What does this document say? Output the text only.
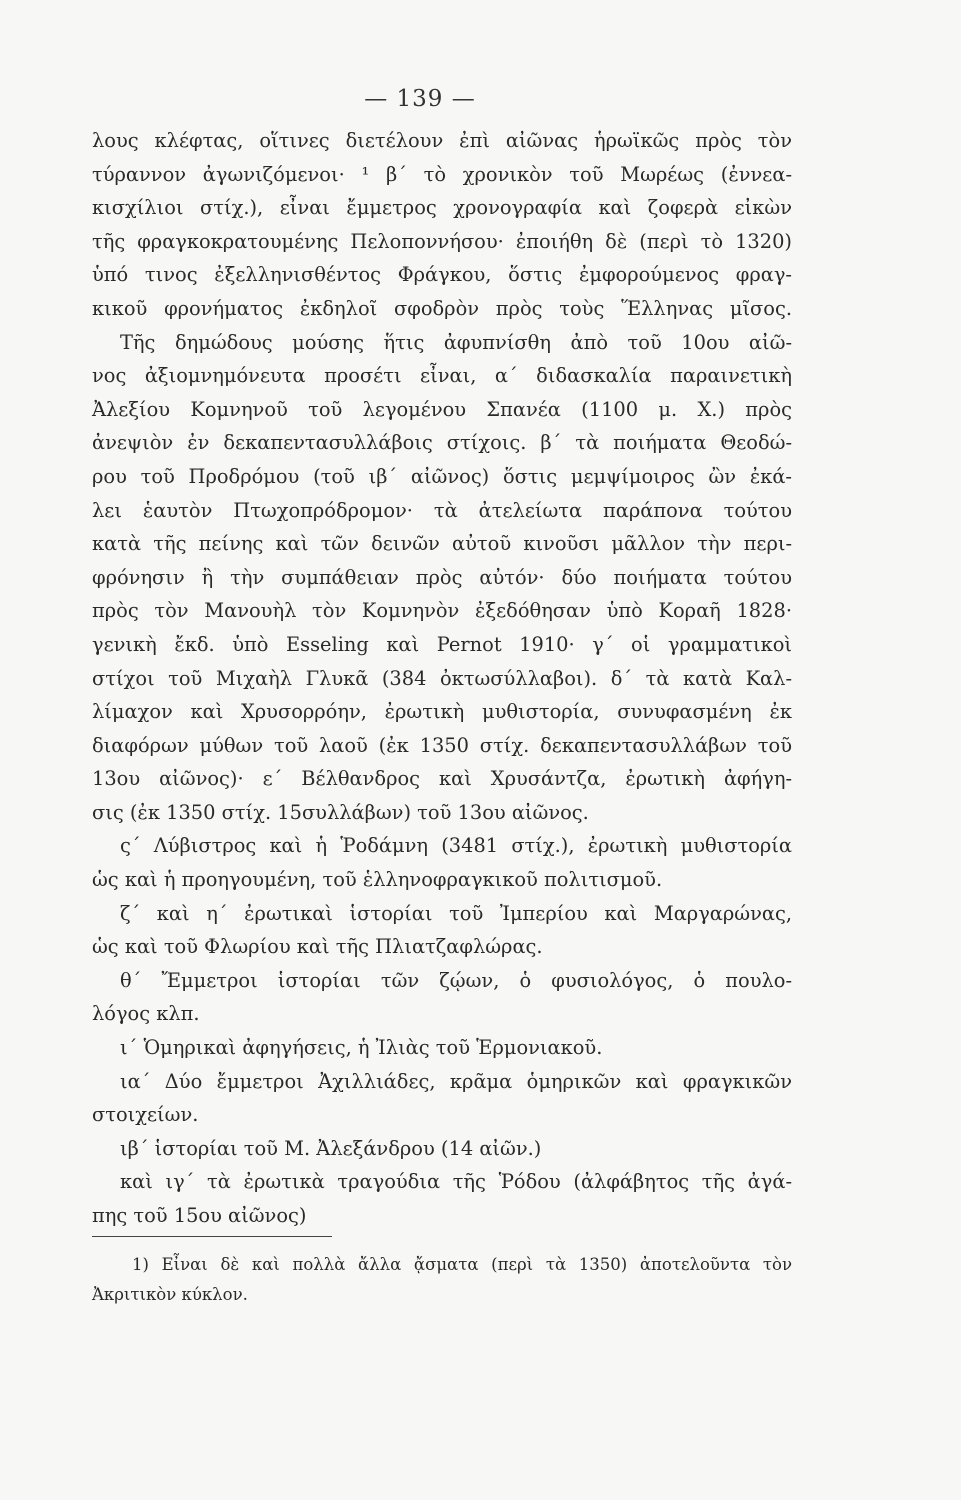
— 139 —
λους κλέφτας, οἵτινες διετέλουν ἐπὶ αἰῶνας ἡρωϊκῶς πρὸς τὸν
τύραννον ἀγωνιζόμενοι· ¹ β΄ τὸ χρονικὸν τοῦ Μωρέως (ἐννεα-
κισχίλιοι στίχ.), εἶναι ἔμμετρος χρονογραφία καὶ ζοφερὰ εἰκὼν
τῆς φραγκοκρατουμένης Πελοποννήσου· ἐποιήθη δὲ (περὶ τὸ 1320)
ὑπό τινος ἐξελληνισθέντος Φράγκου, ὅστις ἐμφορούμενος φραγ-
κικοῦ φρονήματος ἐκδηλοῖ σφοδρὸν πρὸς τοὺς Ἕλληνας μῖσος.
Τῆς δημώδους μούσης ἥτις ἀφυπνίσθη ἀπὸ τοῦ 10ου αἰῶ-
νος ἀξιομνημόνευτα προσέτι εἶναι, α΄ διδασκαλία παραινετικὴ
Ἀλεξίου Κομνηνοῦ τοῦ λεγομένου Σπανέα (1100 μ. Χ.) πρὸς
ἀνεψιὸν ἐν δεκαπεντασυλλάβοις στίχοις. β΄ τὰ ποιήματα Θεοδώ-
ρου τοῦ Προδρόμου (τοῦ ιβ΄ αἰῶνος) ὅστις μεμψίμοιρος ὢν ἐκά-
λει ἑαυτὸν Πτωχοπρόδρομον· τὰ ἀτελείωτα παράπονα τούτου
κατὰ τῆς πείνης καὶ τῶν δεινῶν αὐτοῦ κινοῦσι μᾶλλον τὴν περι-
φρόνησιν ἢ τὴν συμπάθειαν πρὸς αὐτόν· δύο ποιήματα τούτου
πρὸς τὸν Μανουὴλ τὸν Κομνηνὸν ἐξεδόθησαν ὑπὸ Κοραῆ 1828·
γενικὴ ἔκδ. ὑπὸ Esseling καὶ Pernot 1910· γ΄ οἱ γραμματικοὶ
στίχοι τοῦ Μιχαὴλ Γλυκᾶ (384 ὀκτωσύλλαβοι). δ΄ τὰ κατὰ Καλ-
λίμαχον καὶ Χρυσορρόην, ἐρωτικὴ μυθιστορία, συνυφασμένη ἐκ
διαφόρων μύθων τοῦ λαοῦ (ἐκ 1350 στίχ. δεκαπεντασυλλάβων τοῦ
13ου αἰῶνος)· ε΄ Βέλθανδρος καὶ Χρυσάντζα, ἐρωτικὴ ἀφήγη-
σις (ἐκ 1350 στίχ. 15συλλάβων) τοῦ 13ου αἰῶνος.
ς΄ Λύβιστρος καὶ ἡ Ῥοδάμνη (3481 στίχ.), ἐρωτικὴ μυθιστορία
ὡς καὶ ἡ προηγουμένη, τοῦ ἑλληνοφραγκικοῦ πολιτισμοῦ.
ζ΄ καὶ η΄ ἐρωτικαὶ ἱστορίαι τοῦ Ἰμπερίου καὶ Μαργαρώνας,
ὡς καὶ τοῦ Φλωρίου καὶ τῆς Πλιατζαφλώρας.
θ΄ Ἔμμετροι ἱστορίαι τῶν ζῴων, ὁ φυσιολόγος, ὁ πουλο-
λόγος κλπ.
ι΄ Ὁμηρικαὶ ἀφηγήσεις, ἡ Ἰλιὰς τοῦ Ἑρμονιακοῦ.
ια΄ Δύο ἔμμετροι Ἀχιλλιάδες, κρᾶμα ὁμηρικῶν καὶ φραγκικῶν
στοιχείων.
ιβ΄ ἱστορίαι τοῦ Μ. Ἀλεξάνδρου (14 αἰῶν.)
καὶ ιγ΄ τὰ ἐρωτικὰ τραγούδια τῆς Ῥόδου (ἀλφάβητος τῆς ἀγά-
πης τοῦ 15ου αἰῶνος)
1) Εἶναι δὲ καὶ πολλὰ ἄλλα ᾄσματα (περὶ τὰ 1350) ἀποτελοῦντα τὸν
Ἀκριτικὸν κύκλον.
